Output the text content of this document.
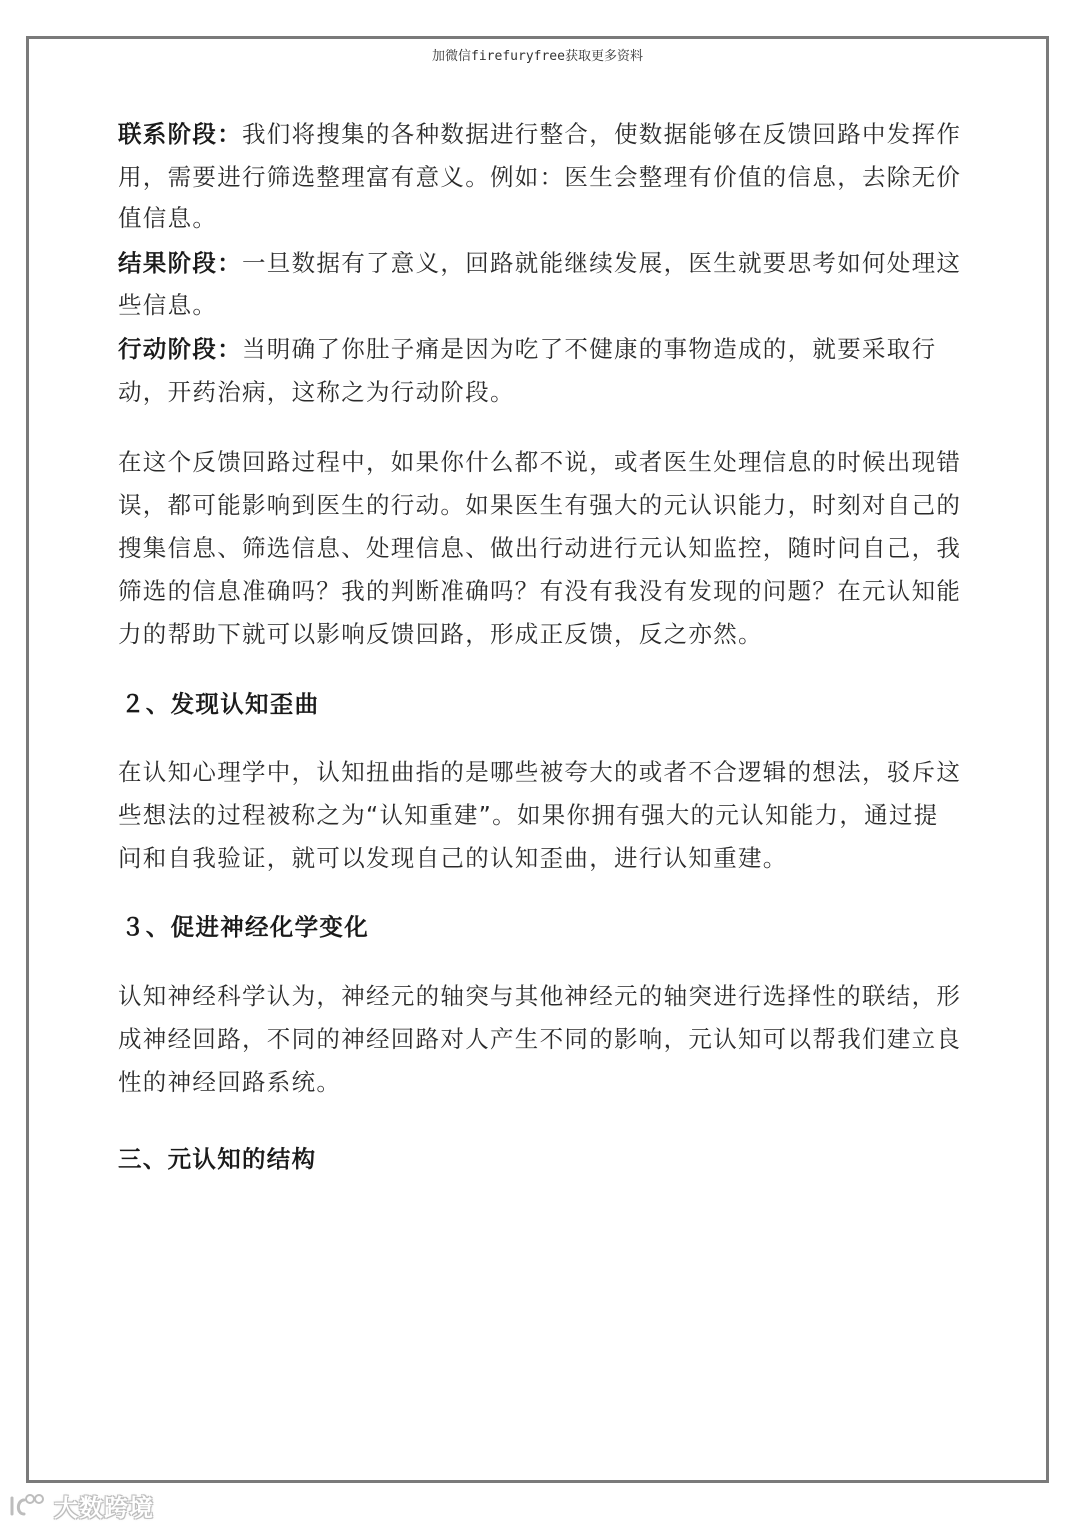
加微信firefuryfree获取更多资料
联系阶段：我们将搜集的各种数据进行整合，使数据能够在反馈回路中发挥作
用，需要进行筛选整理富有意义。例如：医生会整理有价值的信息，去除无价
值信息。
结果阶段：一旦数据有了意义，回路就能继续发展，医生就要思考如何处理这
些信息。
行动阶段：当明确了你肚子痛是因为吃了不健康的事物造成的，就要采取行
动，开药治病，这称之为行动阶段。
在这个反馈回路过程中，如果你什么都不说，或者医生处理信息的时候出现错
误，都可能影响到医生的行动。如果医生有强大的元认识能力，时刻对自己的
搜集信息、筛选信息、处理信息、做出行动进行元认知监控，随时问自己，我
筛选的信息准确吗？我的判断准确吗？有没有我没有发现的问题？在元认知能
力的帮助下就可以影响反馈回路，形成正反馈，反之亦然。
２、发现认知歪曲
在认知心理学中，认知扭曲指的是哪些被夸大的或者不合逻辑的想法，驳斥这
些想法的过程被称之为“认知重建”。如果你拥有强大的元认知能力，通过提
问和自我验证，就可以发现自己的认知歪曲，进行认知重建。
３、促进神经化学变化
认知神经科学认为，神经元的轴突与其他神经元的轴突进行选择性的联结，形
成神经回路，不同的神经回路对人产生不同的影响，元认知可以帮我们建立良
性的神经回路系统。
三、元认知的结构
大数跨境
